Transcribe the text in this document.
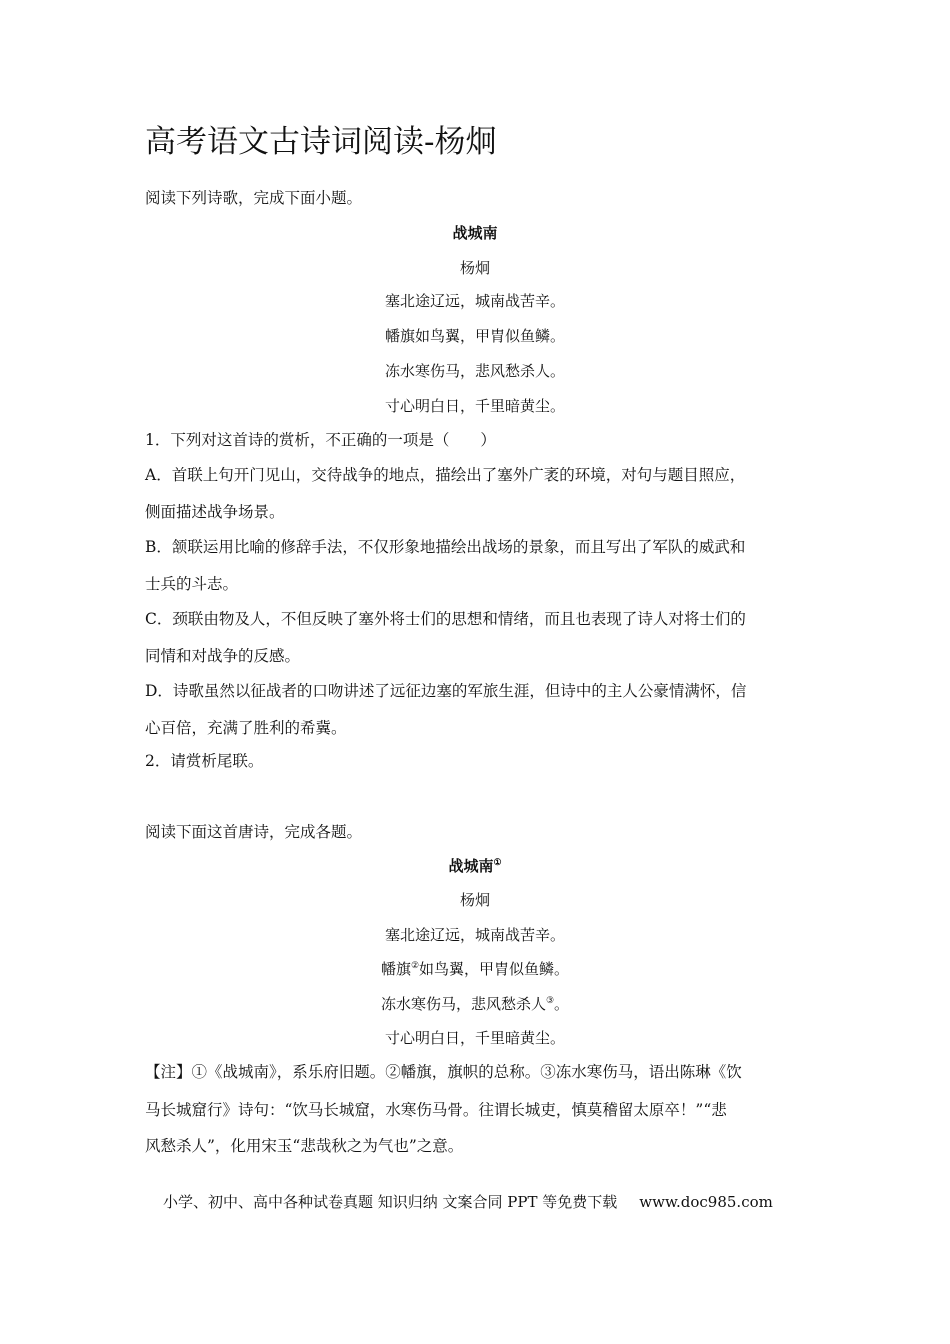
高考语文古诗词阅读-杨炯
阅读下列诗歌，完成下面小题。
战城南
杨炯
塞北途辽远，城南战苦辛。
幡旗如鸟翼，甲胄似鱼鳞。
冻水寒伤马，悲风愁杀人。
寸心明白日，千里暗黄尘。
1．下列对这首诗的赏析，不正确的一项是（　　）
A．首联上句开门见山，交待战争的地点，描绘出了塞外广袤的环境，对句与题目照应，
侧面描述战争场景。
B．颔联运用比喻的修辞手法，不仅形象地描绘出战场的景象，而且写出了军队的威武和
士兵的斗志。
C．颈联由物及人，不但反映了塞外将士们的思想和情绪，而且也表现了诗人对将士们的
同情和对战争的反感。
D．诗歌虽然以征战者的口吻讲述了远征边塞的军旅生涯，但诗中的主人公豪情满怀，信
心百倍，充满了胜利的希冀。
2．请赏析尾联。
阅读下面这首唐诗，完成各题。
战城南①
杨炯
塞北途辽远，城南战苦辛。
幡旗②如鸟翼，甲胄似鱼鳞。
冻水寒伤马，悲风愁杀人③。
寸心明白日，千里暗黄尘。
【注】①《战城南》，系乐府旧题。②幡旗，旗帜的总称。③冻水寒伤马，语出陈琳《饮
马长城窟行》诗句：“饮马长城窟，水寒伤马骨。往谓长城吏，慎莫稽留太原卒！”“悲
风愁杀人”，化用宋玉“悲哉秋之为气也”之意。
小学、初中、高中各种试卷真题 知识归纳 文案合同 PPT 等免费下载 www.doc985.com
